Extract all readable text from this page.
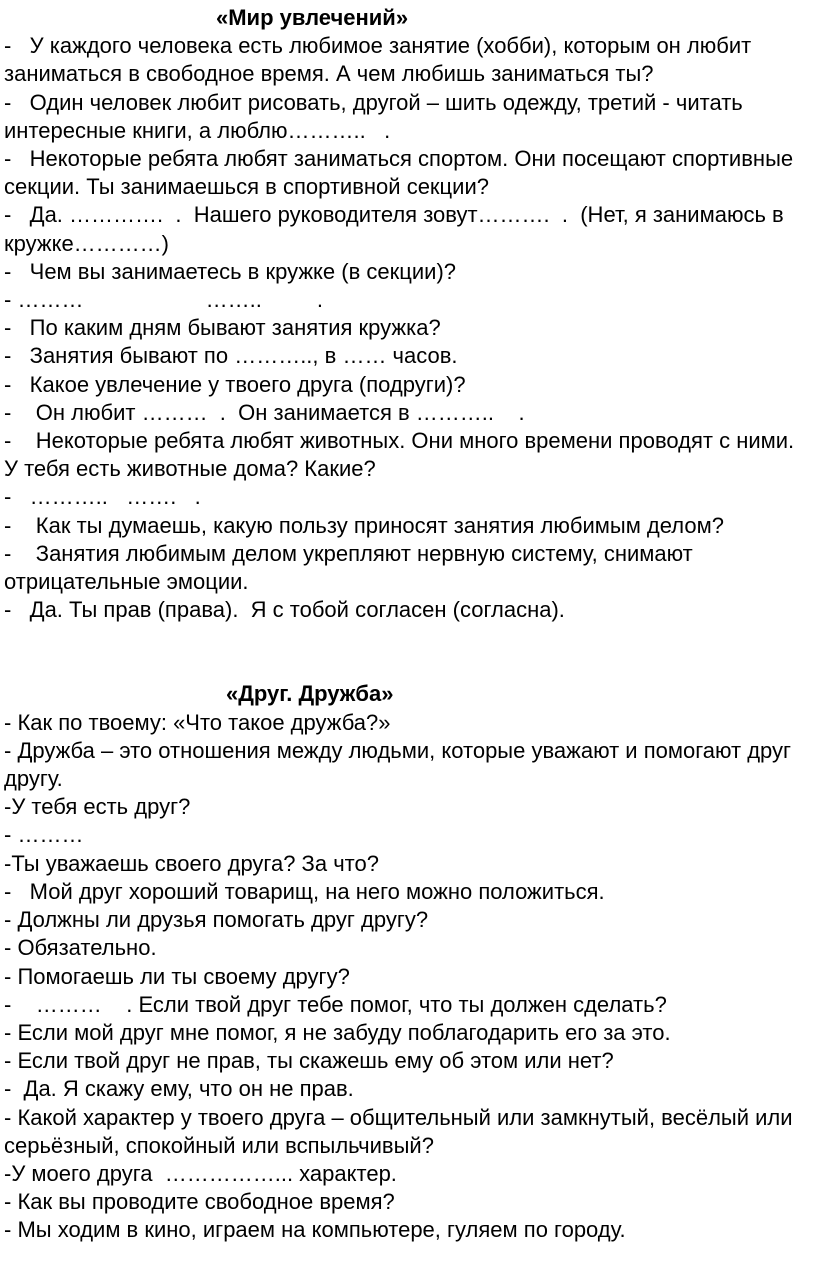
«Мир увлечений»
-   У каждого человека есть любимое занятие (хобби), которым он любит заниматься в свободное время. А чем любишь заниматься ты?
-   Один человек любит рисовать, другой – шить одежду, третий - читать интересные книги, а люблю………..   .
-   Некоторые ребята любят заниматься спортом. Они посещают спортивные секции. Ты занимаешься в спортивной секции?
-   Да. ………….  .  Нашего руководителя зовут……….  .  (Нет, я занимаюсь в кружке…………)
-   Чем вы занимаетесь в кружке (в секции)?
- ………                    ……..         .
-   По каким дням бывают занятия кружка?
-   Занятия бывают по ……….., в …… часов.
-   Какое увлечение у твоего друга (подруги)?
-    Он любит ………  .  Он занимается в ………..    .
-    Некоторые ребята любят животных. Они много времени проводят с ними.
У тебя есть животные дома? Какие?
-   ………..   …….   .
-    Как ты думаешь, какую пользу приносят занятия любимым делом?
-    Занятия любимым делом укрепляют нервную систему, снимают отрицательные эмоции.
-   Да. Ты прав (права).  Я с тобой согласен (согласна).
«Друг. Дружба»
- Как по твоему: «Что такое дружба?»
- Дружба – это отношения между людьми, которые уважают и помогают друг другу.
-У тебя есть друг?
- ………
-Ты уважаешь своего друга? За что?
-   Мой друг хороший товарищ, на него можно положиться.
- Должны ли друзья помогать друг другу?
- Обязательно.
- Помогаешь ли ты своему другу?
-    ………    . Если твой друг тебе помог, что ты должен сделать?
- Если мой друг мне помог, я не забуду поблагодарить его за это.
- Если твой друг не прав, ты скажешь ему об этом или нет?
-  Да. Я скажу ему, что он не прав.
- Какой характер у твоего друга – общительный или замкнутый, весёлый или серьёзный, спокойный или вспыльчивый?
-У моего друга  ……………... характер.
- Как вы проводите свободное время?
- Мы ходим в кино, играем на компьютере, гуляем по городу.
